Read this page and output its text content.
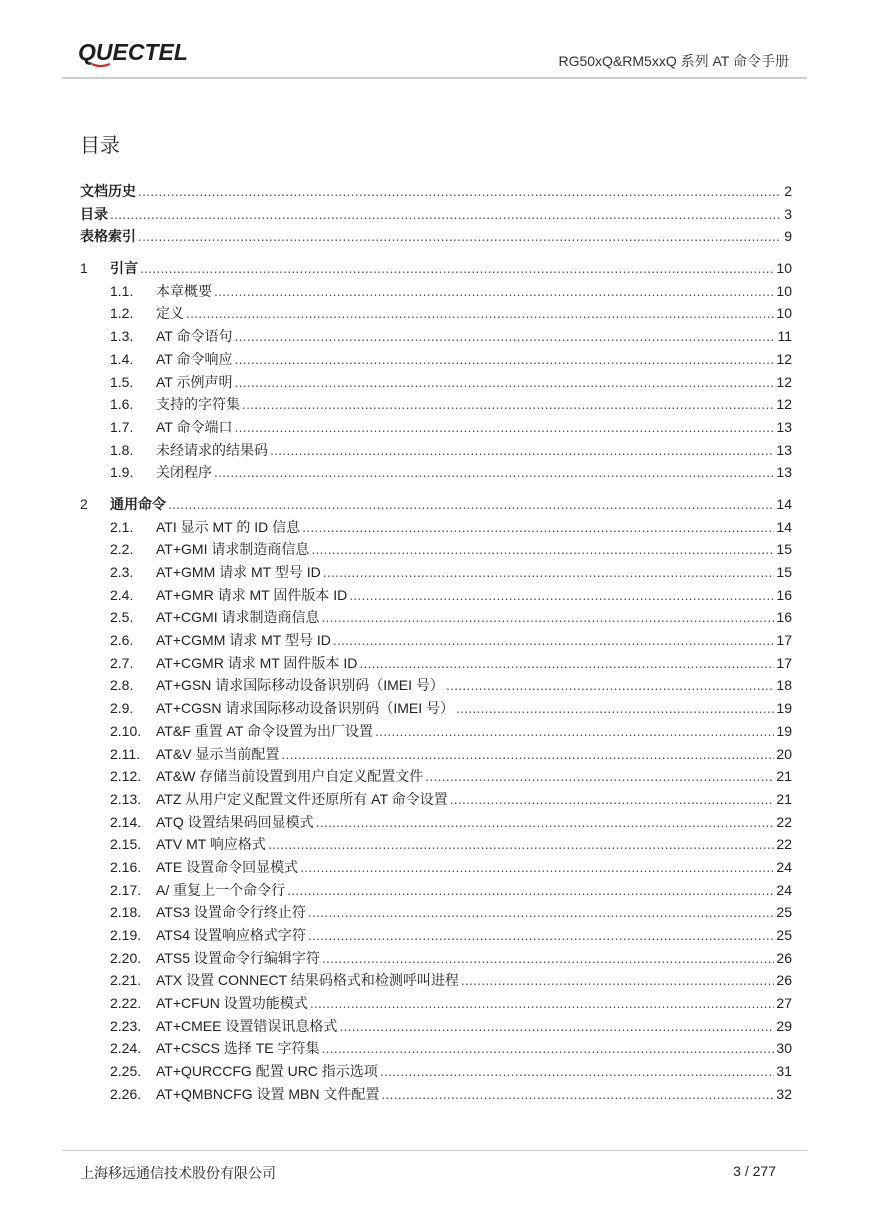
QUECTEL	RG50xQ&RM5xxQ 系列 AT 命令手册
目录
文档历史 .....	2
目录 .....	3
表格索引 .....	9
1	引言 .....	10
1.1.	本章概要 .....	10
1.2.	定义 .....	10
1.3.	AT 命令语句 .....	11
1.4.	AT 命令响应 .....	12
1.5.	AT 示例声明 .....	12
1.6.	支持的字符集 .....	12
1.7.	AT 命令端口 .....	13
1.8.	未经请求的结果码 .....	13
1.9.	关闭程序 .....	13
2	通用命令 .....	14
2.1.	ATI 显示 MT 的 ID 信息 .....	14
2.2.	AT+GMI 请求制造商信息 .....	15
2.3.	AT+GMM 请求 MT 型号 ID .....	15
2.4.	AT+GMR 请求 MT 固件版本 ID .....	16
2.5.	AT+CGMI 请求制造商信息 .....	16
2.6.	AT+CGMM 请求 MT 型号 ID .....	17
2.7.	AT+CGMR 请求 MT 固件版本 ID .....	17
2.8.	AT+GSN 请求国际移动设备识别码（IMEI 号） .....	18
2.9.	AT+CGSN 请求国际移动设备识别码（IMEI 号） .....	19
2.10.	AT&F 重置 AT 命令设置为出厂设置 .....	19
2.11.	AT&V 显示当前配置 .....	20
2.12.	AT&W 存储当前设置到用户自定义配置文件 .....	21
2.13.	ATZ 从用户定义配置文件还原所有 AT 命令设置 .....	21
2.14.	ATQ 设置结果码回显模式 .....	22
2.15.	ATV MT 响应格式 .....	22
2.16.	ATE 设置命令回显模式 .....	24
2.17.	A/ 重复上一个命令行 .....	24
2.18.	ATS3 设置命令行终止符 .....	25
2.19.	ATS4 设置响应格式字符 .....	25
2.20.	ATS5 设置命令行编辑字符 .....	26
2.21.	ATX 设置 CONNECT 结果码格式和检测呼叫进程 .....	26
2.22.	AT+CFUN 设置功能模式 .....	27
2.23.	AT+CMEE 设置错误讯息格式 .....	29
2.24.	AT+CSCS 选择 TE 字符集 .....	30
2.25.	AT+QURCCFG 配置 URC 指示选项 .....	31
2.26.	AT+QMBNCFG 设置 MBN 文件配置 .....	32
上海移远通信技术股份有限公司	3 / 277
